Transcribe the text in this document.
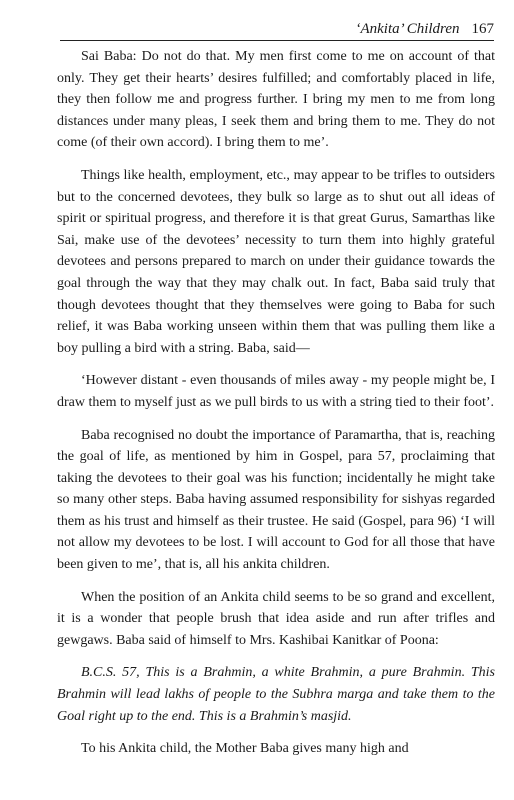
‘Ankita’ Children 167

Sai Baba: Do not do that. My men first come to me on account of that only. They get their hearts’ desires fulfilled; and comfortably placed in life, they then follow me and progress further. I bring my men to me from long distances under many pleas, I seek them and bring them to me. They do not come (of their own accord). I bring them to me’.

Things like health, employment, etc., may appear to be trifles to outsiders but to the concerned devotees, they bulk so large as to shut out all ideas of spirit or spiritual progress, and therefore it is that great Gurus, Samarthas like Sai, make use of the devotees’ necessity to turn them into highly grateful devotees and persons prepared to march on under their guidance towards the goal through the way that they may chalk out. In fact, Baba said truly that though devotees thought that they themselves were going to Baba for such relief, it was Baba working unseen within them that was pulling them like a boy pulling a bird with a string. Baba, said—

‘However distant - even thousands of miles away - my people might be, I draw them to myself just as we pull birds to us with a string tied to their foot’.

Baba recognised no doubt the importance of Paramartha, that is, reaching the goal of life, as mentioned by him in Gospel, para 57, proclaiming that taking the devotees to their goal was his function; incidentally he might take so many other steps. Baba having assumed responsibility for sishyas regarded them as his trust and himself as their trustee. He said (Gospel, para 96) ‘I will not allow my devotees to be lost. I will account to God for all those that have been given to me’, that is, all his ankita children.

When the position of an Ankita child seems to be so grand and excellent, it is a wonder that people brush that idea aside and run after trifles and gewgaws. Baba said of himself to Mrs. Kashibai Kanitkar of Poona:

B.C.S. 57, This is a Brahmin, a white Brahmin, a pure Brahmin. This Brahmin will lead lakhs of people to the Subhra marga and take them to the Goal right up to the end. This is a Brahmin’s masjid.

To his Ankita child, the Mother Baba gives many high and
